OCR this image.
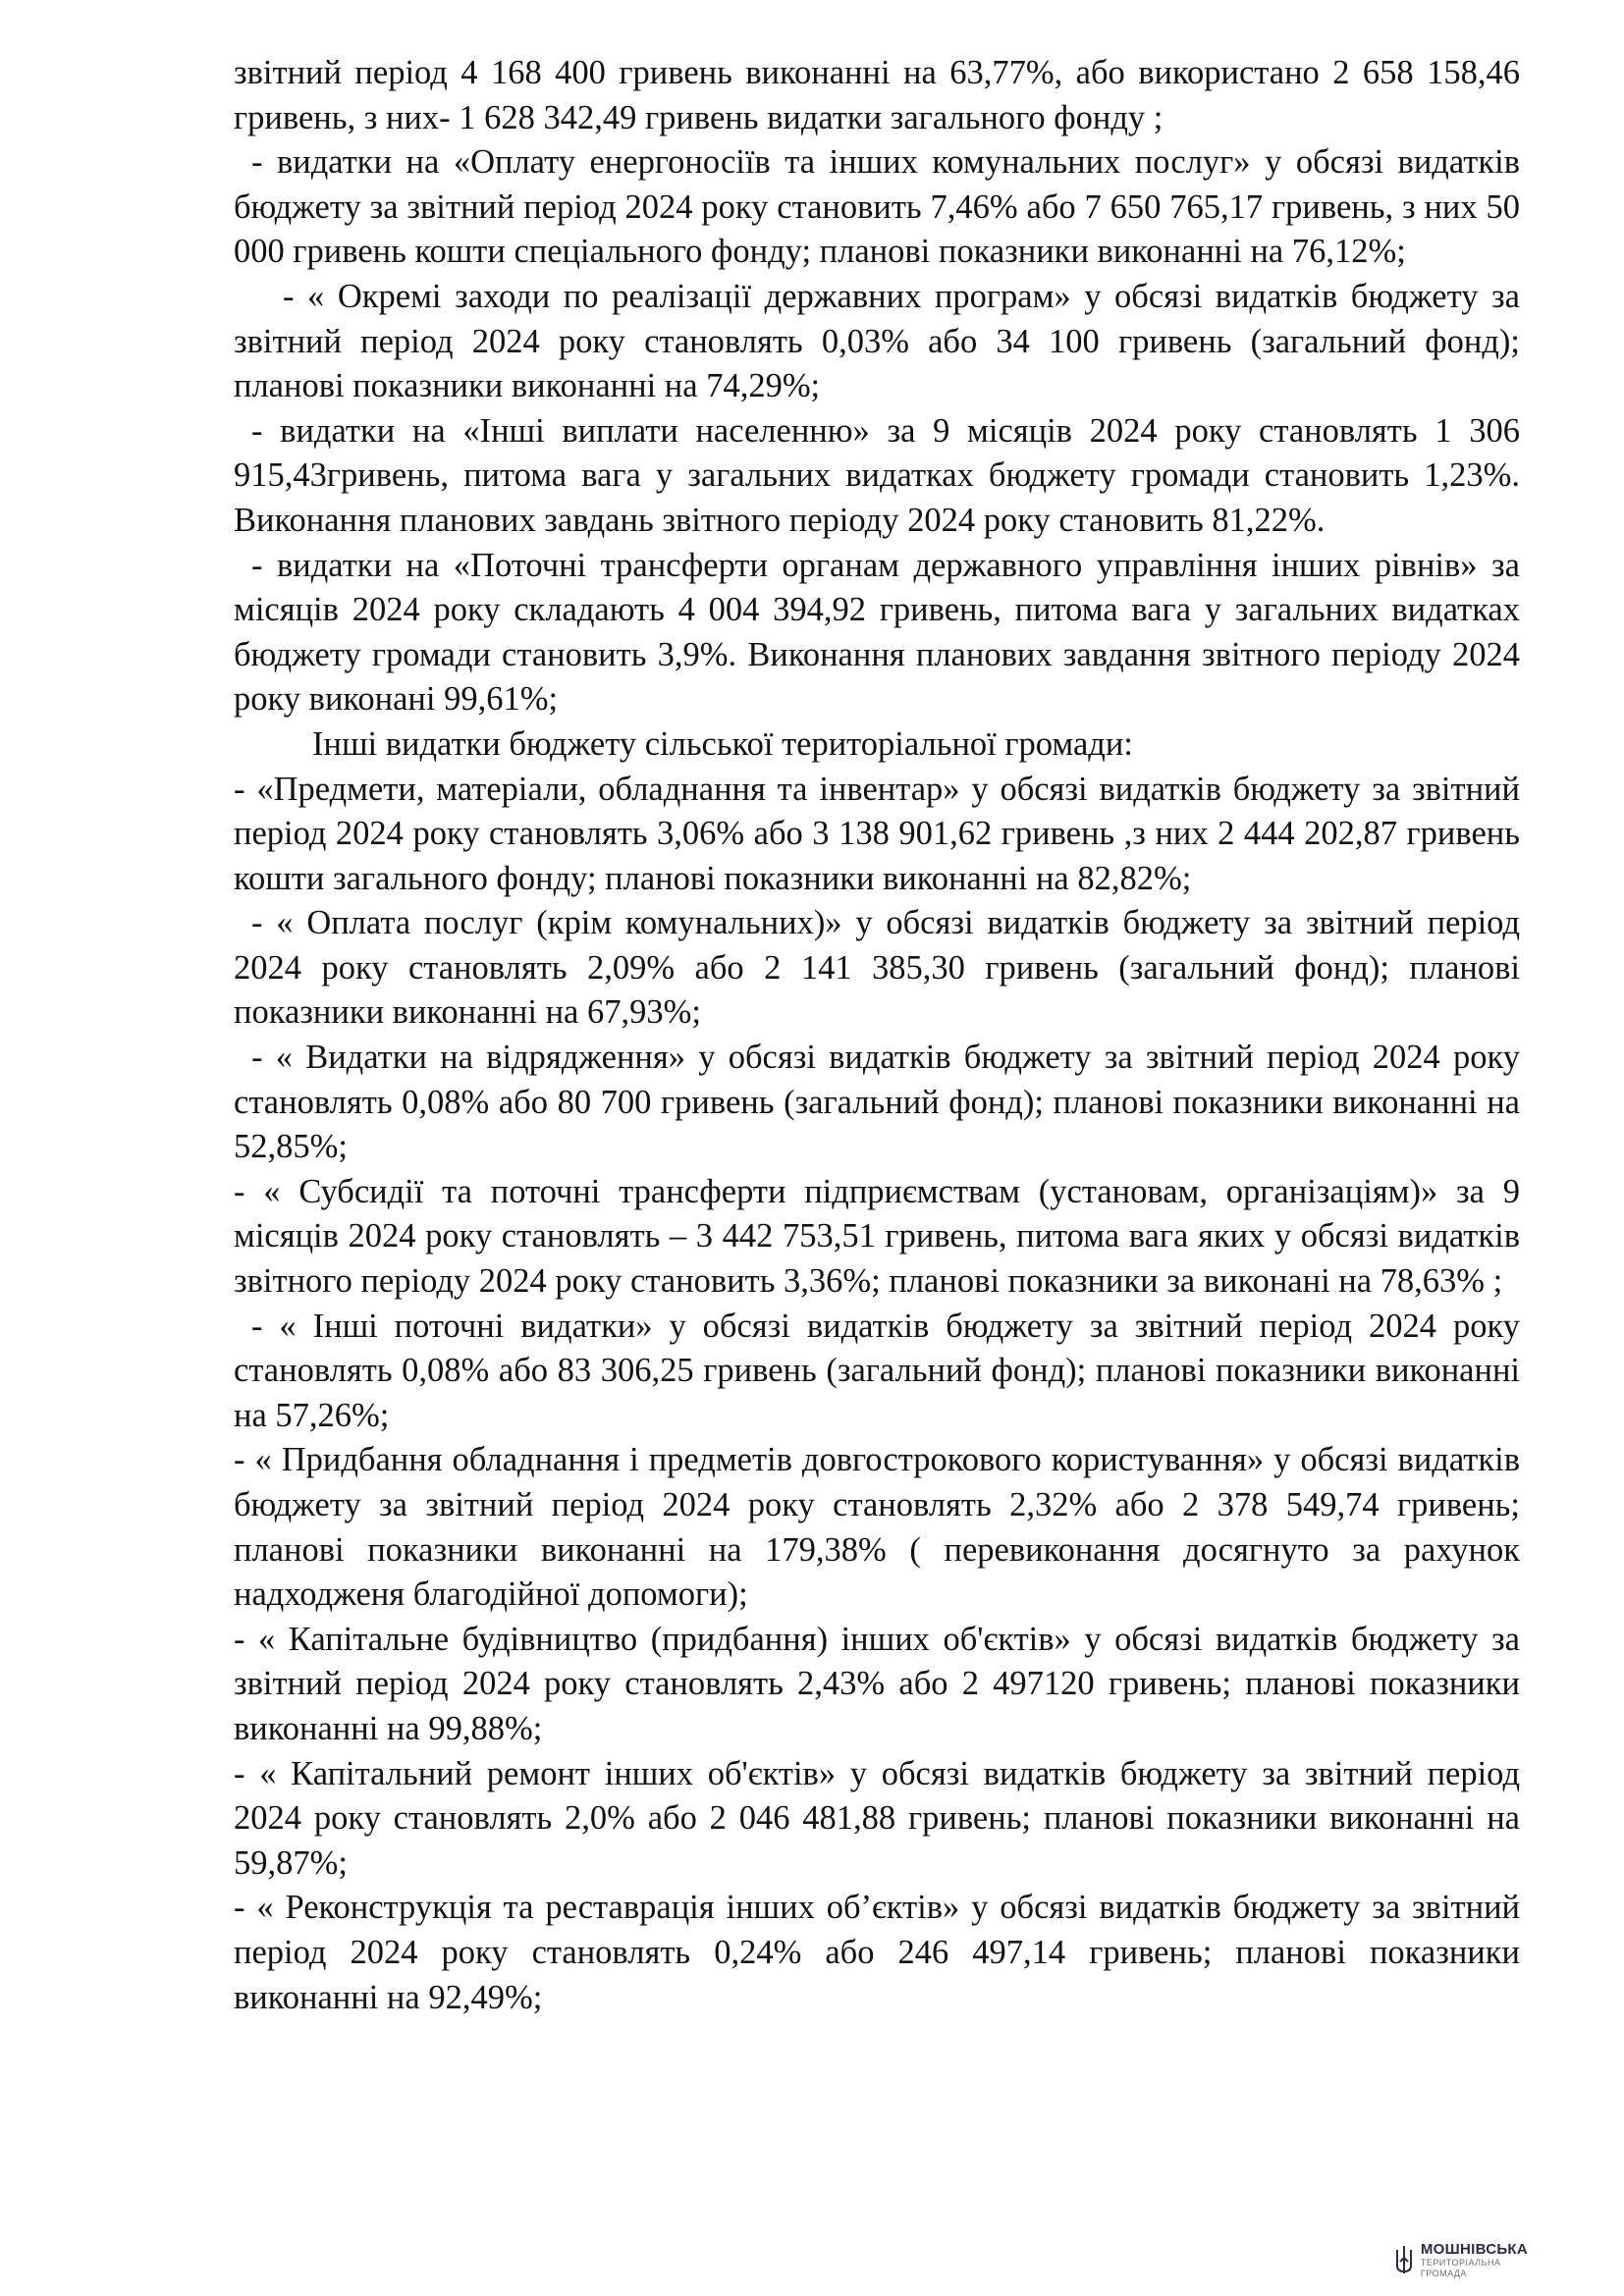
звітний період 4 168 400 гривень виконанні на 63,77%, або використано 2 658 158,46 гривень, з них- 1 628 342,49 гривень видатки загального фонду ;

- видатки на «Оплату енергоносіїв та інших комунальних послуг» у обсязі видатків бюджету за звітний період 2024 року становить 7,46% або 7 650 765,17 гривень, з них 50 000 гривень кошти спеціального фонду; планові показники виконанні на 76,12%;

- « Окремі заходи по реалізації державних програм» у обсязі видатків бюджету за звітний період 2024 року становлять 0,03% або 34 100 гривень (загальний фонд); планові показники виконанні на 74,29%;

- видатки на «Інші виплати населенню» за 9 місяців 2024 року становлять 1 306 915,43гривень, питома вага у загальних видатках бюджету громади становить 1,23%. Виконання планових завдань звітного періоду 2024 року становить 81,22%.

- видатки на «Поточні трансферти органам державного управління інших рівнів» за місяців 2024 року складають 4 004 394,92 гривень, питома вага у загальних видатках бюджету громади становить 3,9%. Виконання планових завдання звітного періоду 2024 року виконані 99,61%;

Інші видатки бюджету сільської територіальної громади:

- «Предмети, матеріали, обладнання та інвентар» у обсязі видатків бюджету за звітний період 2024 року становлять 3,06% або 3 138 901,62 гривень ,з них 2 444 202,87 гривень кошти загального фонду; планові показники виконанні на 82,82%;

- « Оплата послуг (крім комунальних)» у обсязі видатків бюджету за звітний період 2024 року становлять 2,09% або 2 141 385,30 гривень (загальний фонд); планові показники виконанні на 67,93%;

- « Видатки на відрядження» у обсязі видатків бюджету за звітний період 2024 року становлять 0,08% або 80 700 гривень (загальний фонд); планові показники виконанні на 52,85%;

- « Субсидії та поточні трансферти підприємствам (установам, організаціям)» за 9 місяців 2024 року становлять – 3 442 753,51 гривень, питома вага яких у обсязі видатків звітного періоду 2024 року становить 3,36%; планові показники за виконані на 78,63% ;

- « Інші поточні видатки» у обсязі видатків бюджету за звітний період 2024 року становлять 0,08% або 83 306,25 гривень (загальний фонд); планові показники виконанні на 57,26%;

- « Придбання обладнання і предметів довгострокового користування» у обсязі видатків бюджету за звітний період 2024 року становлять 2,32% або 2 378 549,74 гривень; планові показники виконанні на 179,38% ( перевиконання досягнуто за рахунок надходженя благодійної допомоги);

- « Капітальне будівництво (придбання) інших об'єктів» у обсязі видатків бюджету за звітний період 2024 року становлять 2,43% або 2 497120 гривень; планові показники виконанні на 99,88%;

- « Капітальний ремонт інших об'єктів» у обсязі видатків бюджету за звітний період 2024 року становлять 2,0% або 2 046 481,88 гривень; планові показники виконанні на 59,87%;

- « Реконструкція та реставрація інших об’єктів» у обсязі видатків бюджету за звітний період 2024 року становлять 0,24% або 246 497,14 гривень; планові показники виконанні на 92,49%;

МОШНІВСЬКА
ТЕРИТОРІАЛЬНА
ГРОМАДА
